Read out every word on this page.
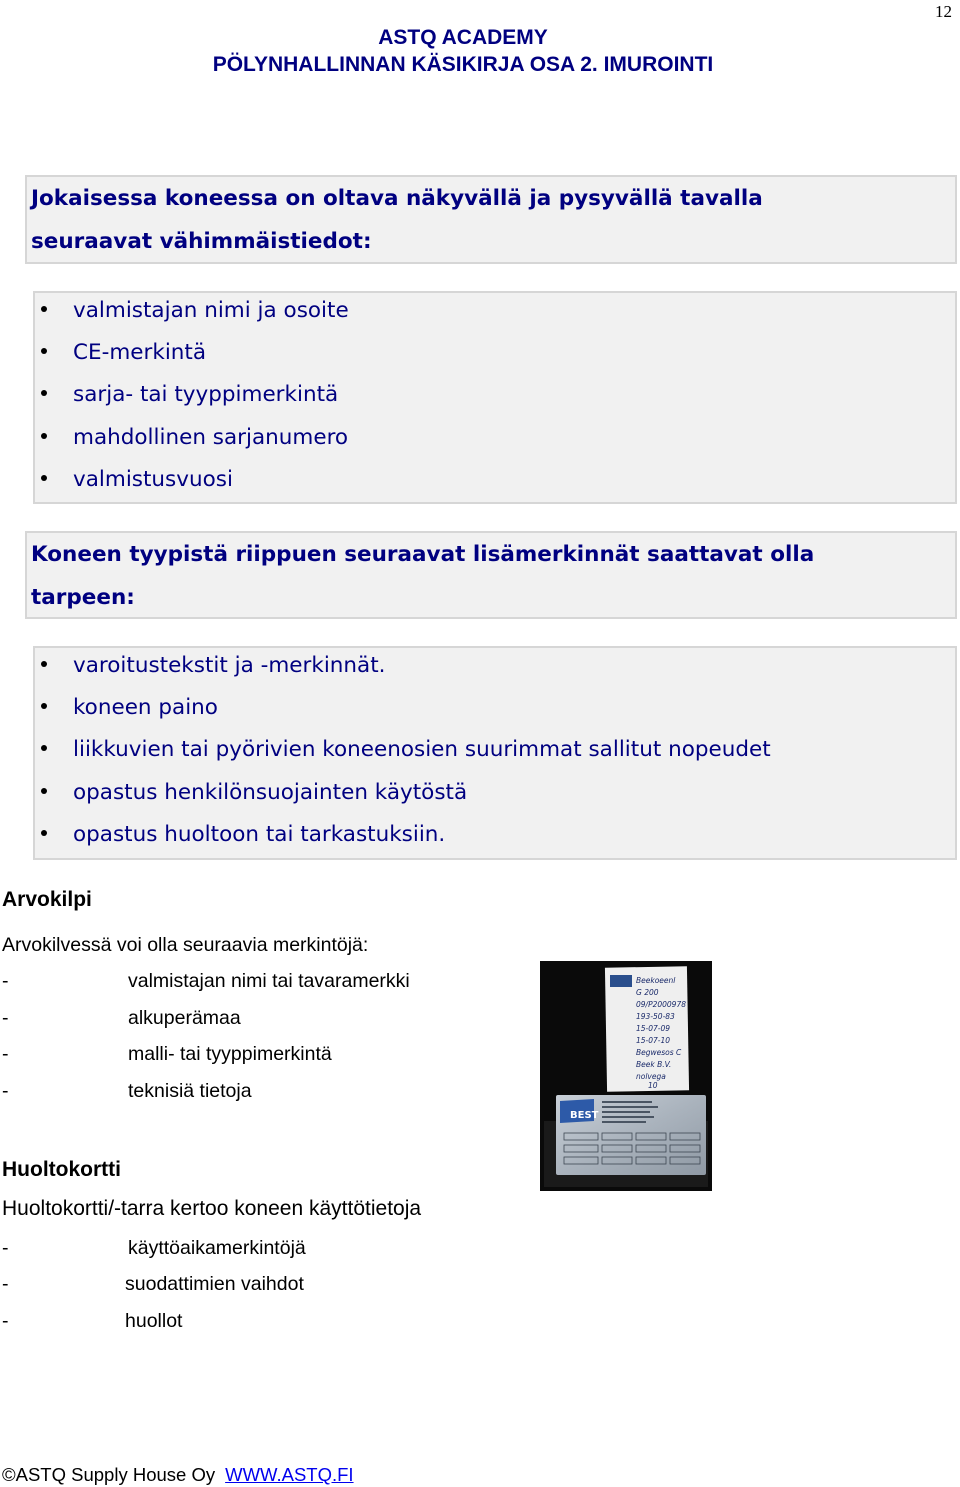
12
ASTQ ACADEMY
PÖLYNHALLINNAN KÄSIKIRJA OSA 2. IMUROINTI
Jokaisessa koneessa on oltava näkyvällä ja pysyvällä tavalla
seuraavat vähimmäistiedot:
valmistajan nimi ja osoite
CE-merkintä
sarja- tai tyyppimerkintä
mahdollinen sarjanumero
valmistusvuosi
Koneen tyypistä riippuen seuraavat lisämerkinnät saattavat olla
tarpeen:
varoitustekstit ja -merkinnät.
koneen paino
liikkuvien tai pyörivien koneenosien suurimmat sallitut nopeudet
opastus henkilönsuojainten käytöstä
opastus huoltoon tai tarkastuksiin.
Arvokilpi
Arvokilvessä voi olla seuraavia merkintöjä:
-	valmistajan nimi tai tavaramerkki
-	alkuperämaa
-	malli- tai tyyppimerkintä
-	teknisiä tietoja
Beekoeenl
G 200
09/P2000978
193-50-83
15-07-09
15-07-10
Begwesos C
Beek B.V.
nolvega
10
BEST
Huoltokortti
Huoltokortti/-tarra kertoo koneen käyttötietoja
-	käyttöaikamerkintöjä
-	suodattimien vaihdot
-	huollot
©ASTQ Supply House Oy WWW.ASTQ.FI
